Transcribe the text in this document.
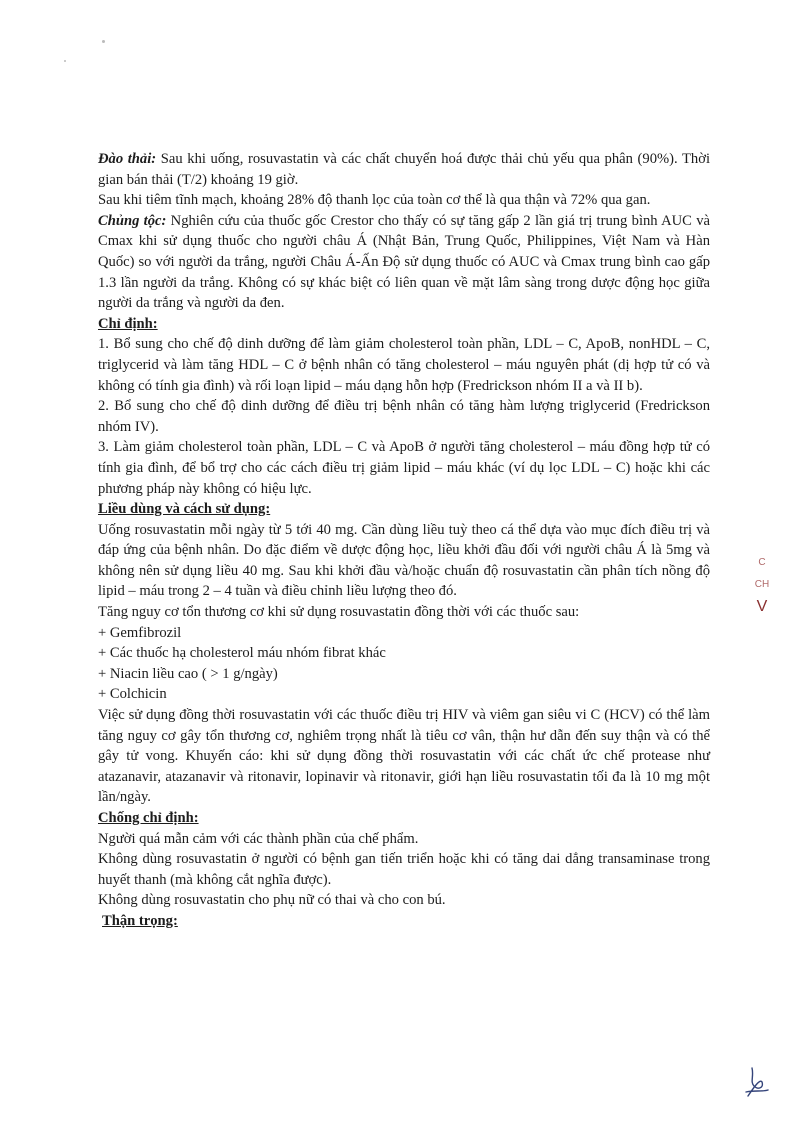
Đào thải: Sau khi uống, rosuvastatin và các chất chuyển hoá được thải chủ yếu qua phân (90%). Thời gian bán thải (T/2) khoảng 19 giờ.

Sau khi tiêm tĩnh mạch, khoảng 28% độ thanh lọc của toàn cơ thể là qua thận và 72% qua gan.

Chủng tộc: Nghiên cứu của thuốc gốc Crestor cho thấy có sự tăng gấp 2 lần giá trị trung bình AUC và Cmax khi sử dụng thuốc cho người châu Á (Nhật Bản, Trung Quốc, Philippines, Việt Nam và Hàn Quốc) so với người da trắng, người Châu Á-Ấn Độ sử dụng thuốc có AUC và Cmax trung bình cao gấp 1.3 lần người da trắng. Không có sự khác biệt có liên quan về mặt lâm sàng trong dược động học giữa người da trắng và người da đen.

Chỉ định:

1. Bổ sung cho chế độ dinh dưỡng để làm giảm cholesterol toàn phần, LDL – C, ApoB, nonHDL – C, triglycerid và làm tăng HDL – C ở bệnh nhân có tăng cholesterol – máu nguyên phát (dị hợp tử có và không có tính gia đình) và rối loạn lipid – máu dạng hỗn hợp (Fredrickson nhóm II a và II b).

2. Bổ sung cho chế độ dinh dưỡng để điều trị bệnh nhân có tăng hàm lượng triglycerid (Fredrickson nhóm IV).

3. Làm giảm cholesterol toàn phần, LDL – C và ApoB ở người tăng cholesterol – máu đồng hợp tử có tính gia đình, để bổ trợ cho các cách điều trị giảm lipid – máu khác (ví dụ lọc LDL – C) hoặc khi các phương pháp này không có hiệu lực.

Liều dùng và cách sử dụng:

Uống rosuvastatin mỗi ngày từ 5 tới 40 mg. Cần dùng liều tuỳ theo cá thể dựa vào mục đích điều trị và đáp ứng của bệnh nhân. Do đặc điểm về dược động học, liều khởi đầu đối với người châu Á là 5mg và không nên sử dụng liều 40 mg. Sau khi khởi đầu và/hoặc chuẩn độ rosuvastatin cần phân tích nồng độ lipid – máu trong 2 – 4 tuần và điều chỉnh liều lượng theo đó.

Tăng nguy cơ tổn thương cơ khi sử dụng rosuvastatin đồng thời với các thuốc sau:

+ Gemfibrozil

+ Các thuốc hạ cholesterol máu nhóm fibrat khác

+ Niacin liều cao ( > 1 g/ngày)

+ Colchicin

Việc sử dụng đồng thời rosuvastatin với các thuốc điều trị HIV và viêm gan siêu vi C (HCV) có thể làm tăng nguy cơ gây tổn thương cơ, nghiêm trọng nhất là tiêu cơ vân, thận hư dẫn đến suy thận và có thể gây tử vong. Khuyến cáo: khi sử dụng đồng thời rosuvastatin với các chất ức chế protease như atazanavir, atazanavir và ritonavir, lopinavir và ritonavir, giới hạn liều rosuvastatin tối đa là 10 mg một lần/ngày.

Chống chỉ định:

Người quá mẫn cảm với các thành phần của chế phẩm.

Không dùng rosuvastatin ở người có bệnh gan tiến triển hoặc khi có tăng dai dẳng transaminase trong huyết thanh (mà không cắt nghĩa được).

Không dùng rosuvastatin cho phụ nữ có thai và cho con bú.

Thận trọng:

C
CH
V
